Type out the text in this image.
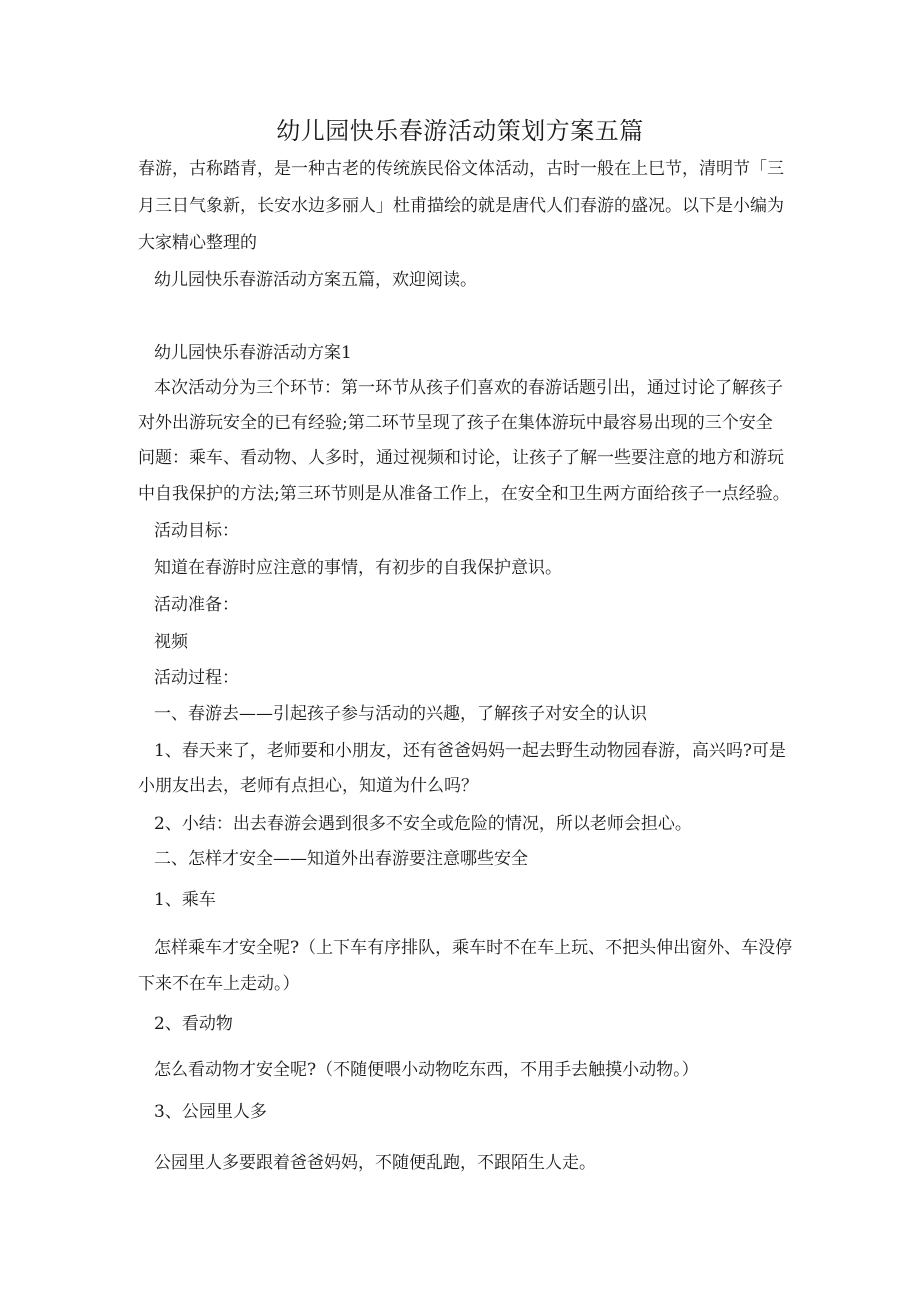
幼儿园快乐春游活动策划方案五篇
春游，古称踏青，是一种古老的传统族民俗文体活动，古时一般在上巳节，清明节「三
月三日气象新，长安水边多丽人」杜甫描绘的就是唐代人们春游的盛况。以下是小编为
大家精心整理的
幼儿园快乐春游活动方案五篇，欢迎阅读。
幼儿园快乐春游活动方案1
本次活动分为三个环节：第一环节从孩子们喜欢的春游话题引出，通过讨论了解孩子
对外出游玩安全的已有经验;第二环节呈现了孩子在集体游玩中最容易出现的三个安全
问题：乘车、看动物、人多时，通过视频和讨论，让孩子了解一些要注意的地方和游玩
中自我保护的方法;第三环节则是从准备工作上，在安全和卫生两方面给孩子一点经验。
活动目标：
知道在春游时应注意的事情，有初步的自我保护意识。
活动准备：
视频
活动过程：
一、春游去——引起孩子参与活动的兴趣，了解孩子对安全的认识
1、春天来了，老师要和小朋友，还有爸爸妈妈一起去野生动物园春游，高兴吗?可是
小朋友出去，老师有点担心，知道为什么吗？
2、小结：出去春游会遇到很多不安全或危险的情况，所以老师会担心。
二、怎样才安全——知道外出春游要注意哪些安全
1、乘车
怎样乘车才安全呢?（上下车有序排队，乘车时不在车上玩、不把头伸出窗外、车没停
下来不在车上走动。）
2、看动物
怎么看动物才安全呢?（不随便喂小动物吃东西，不用手去触摸小动物。）
3、公园里人多
公园里人多要跟着爸爸妈妈，不随便乱跑，不跟陌生人走。
